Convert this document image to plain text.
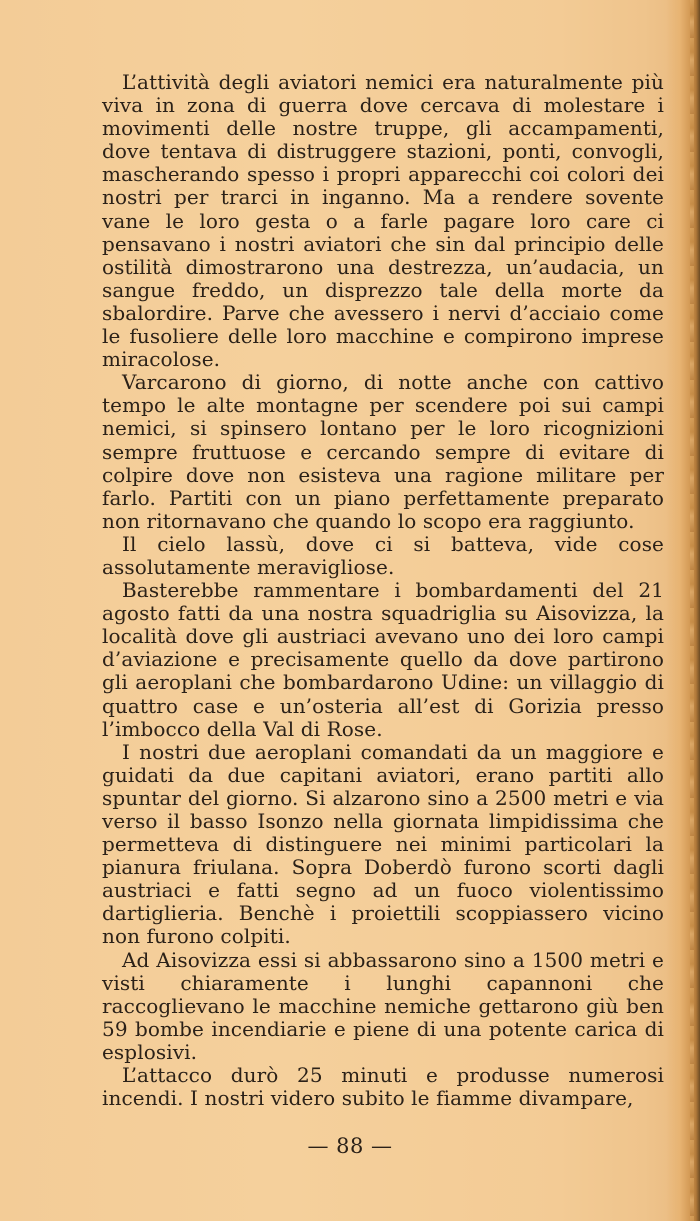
L’attività degli aviatori nemici era naturalmente più viva in zona di guerra dove cercava di molestare i movimenti delle nostre truppe, gli accampamenti, dove tentava di distruggere stazioni, ponti, convogli, mascherando spesso i propri apparecchi coi colori dei nostri per trarci in inganno. Ma a rendere sovente vane le loro gesta o a farle pagare loro care ci pensavano i nostri aviatori che sin dal principio delle ostilità dimostrarono una destrezza, un’audacia, un sangue freddo, un disprezzo tale della morte da sbalordire. Parve che avessero i nervi d’acciaio come le fusoliere delle loro macchine e compirono imprese miracolose.

Varcarono di giorno, di notte anche con cattivo tempo le alte montagne per scendere poi sui campi nemici, si spinsero lontano per le loro ricognizioni sempre fruttuose e cercando sempre di evitare di colpire dove non esisteva una ragione militare per farlo. Partiti con un piano perfettamente preparato non ritornavano che quando lo scopo era raggiunto.

Il cielo lassù, dove ci si batteva, vide cose assolutamente meravigliose.

Basterebbe rammentare i bombardamenti del 21 agosto fatti da una nostra squadriglia su Aisovizza, la località dove gli austriaci avevano uno dei loro campi d’aviazione e precisamente quello da dove partirono gli aeroplani che bombardarono Udine: un villaggio di quattro case e un’osteria all’est di Gorizia presso l’imbocco della Val di Rose.

I nostri due aeroplani comandati da un maggiore e guidati da due capitani aviatori, erano partiti allo spuntar del giorno. Si alzarono sino a 2500 metri e via verso il basso Isonzo nella giornata limpidissima che permetteva di distinguere nei minimi particolari la pianura friulana. Sopra Doberdò furono scorti dagli austriaci e fatti segno ad un fuoco violentissimo dartiglieria. Benchè i proiettili scoppiassero vicino non furono colpiti.

Ad Aisovizza essi si abbassarono sino a 1500 metri e visti chiaramente i lunghi capannoni che raccoglievano le macchine nemiche gettarono giù ben 59 bombe incendiarie e piene di una potente carica di esplosivi.

L’attacco durò 25 minuti e produsse numerosi incendi. I nostri videro subito le fiamme divampare,

— 88 —
